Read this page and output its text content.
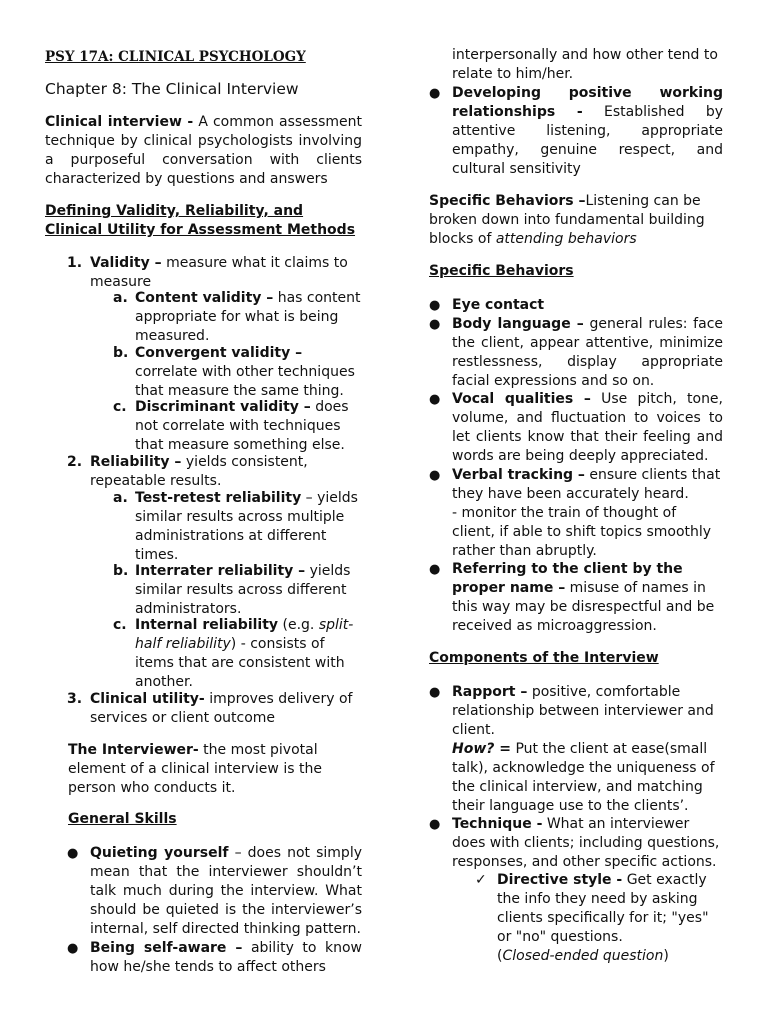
PSY 17A: CLINICAL PSYCHOLOGY
Chapter 8: The Clinical Interview

Clinical interview - A common assessment technique by clinical psychologists involving a purposeful conversation with clients characterized by questions and answers

Defining Validity, Reliability, and Clinical Utility for Assessment Methods

1. Validity – measure what it claims to measure

a. Content validity – has content appropriate for what is being measured.

b. Convergent validity – correlate with other techniques that measure the same thing.

c. Discriminant validity – does not correlate with techniques that measure something else.

2. Reliability – yields consistent, repeatable results.

a. Test-retest reliability – yields similar results across multiple administrations at different times.

b. Interrater reliability – yields similar results across different administrators.

c. Internal reliability (e.g. split-half reliability) - consists of items that are consistent with another.

3. Clinical utility- improves delivery of services or client outcome

The Interviewer- the most pivotal element of a clinical interview is the person who conducts it.

General Skills

● Quieting yourself – does not simply mean that the interviewer shouldn’t talk much during the interview. What should be quieted is the interviewer’s internal, self directed thinking pattern.

● Being self-aware – ability to know how he/she tends to affect others

interpersonally and how other tend to relate to him/her.

● Developing positive working relationships - Established by attentive listening, appropriate empathy, genuine respect, and cultural sensitivity

Specific Behaviors –Listening can be broken down into fundamental building blocks of attending behaviors

Specific Behaviors

● Eye contact

● Body language – general rules: face the client, appear attentive, minimize restlessness, display appropriate facial expressions and so on.

● Vocal qualities – Use pitch, tone, volume, and fluctuation to voices to let clients know that their feeling and words are being deeply appreciated.

● Verbal tracking – ensure clients that they have been accurately heard.
- monitor the train of thought of client, if able to shift topics smoothly rather than abruptly.

● Referring to the client by the proper name – misuse of names in this way may be disrespectful and be received as microaggression.

Components of the Interview

● Rapport – positive, comfortable relationship between interviewer and client.
How? = Put the client at ease(small talk), acknowledge the uniqueness of the clinical interview, and matching their language use to the clients’.

● Technique - What an interviewer does with clients; including questions, responses, and other specific actions.

✓ Directive style - Get exactly the info they need by asking clients specifically for it; "yes" or "no" questions.
(Closed-ended question)
